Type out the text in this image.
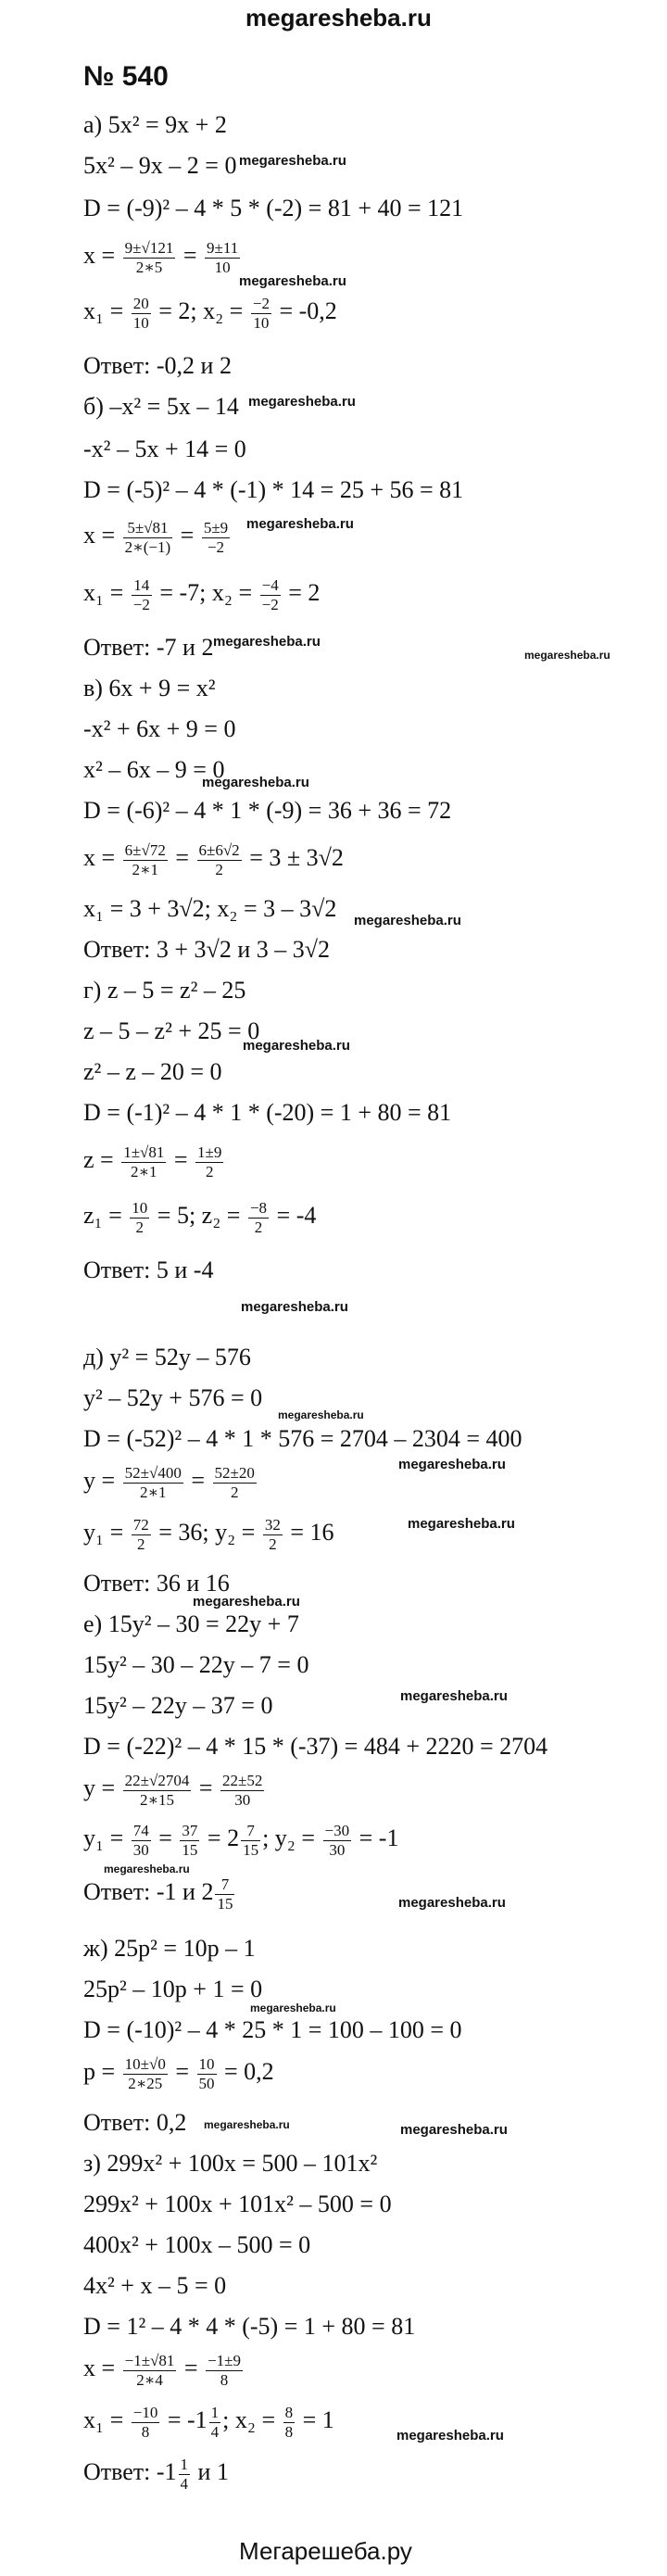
megaresheba.ru
Мегарешеба.ру
№ 540
а) 5x² = 9x + 2
5x² – 9x – 2 = 0
D = (-9)² – 4 * 5 * (-2) = 81 + 40 = 121
$x = \frac{9\pm√121}{2∗5} = \frac{9\pm 11}{10}$
$x_1 = \frac{20}{10} = 2$; $x_2 = \frac{-2}{10} = -0,2$
Ответ: -0,2 и 2
б) –x² = 5x – 14
-x² – 5x + 14 = 0
D = (-5)² – 4 * (-1) * 14 = 25 + 56 = 81
$x = \frac{5\pm√81}{2∗(-1)} = \frac{5\pm 9}{-2}$
$x_1 = \frac{14}{-2} = -7$; $x_2 = \frac{-4}{-2} = 2$
Ответ: -7 и 2
в) 6x + 9 = x²
-x² + 6x + 9 = 0
x² – 6x – 9 = 0
D = (-6)² – 4 * 1 * (-9) = 36 + 36 = 72
$x = \frac{6\pm√72}{2∗1} = \frac{6\pm 6√2}{2} = 3 \pm 3√2$
x₁ = 3 + 3√2; x₂ = 3 – 3√2
Ответ: 3 + 3√2 и 3 – 3√2
г) z – 5 = z² – 25
z – 5 – z² + 25 = 0
z² – z – 20 = 0
D = (-1)² – 4 * 1 * (-20) = 1 + 80 = 81
$z = \frac{1\pm√81}{2∗1} = \frac{1\pm 9}{2}$
$z_1 = \frac{10}{2} = 5$; $z_2 = \frac{-8}{2} = -4$
Ответ: 5 и -4
д) y² = 52y – 576
y² – 52y + 576 = 0
D = (-52)² – 4 * 1 * 576 = 2704 – 2304 = 400
$y = \frac{52\pm√400}{2∗1} = \frac{52\pm 20}{2}$
$y_1 = \frac{72}{2} = 36$; $y_2 = \frac{32}{2} = 16$
Ответ: 36 и 16
е) 15y² – 30 = 22y + 7
15y² – 30 – 22y – 7 = 0
15y² – 22y – 37 = 0
D = (-22)² – 4 * 15 * (-37) = 484 + 2220 = 2704
$y = \frac{22\pm√2704}{2∗15} = \frac{22\pm 52}{30}$
$y_1 = \frac{74}{30} = \frac{37}{15} = 2 \frac{7}{15}$ ; $y_2 = \frac{-30}{30} = -1$
Ответ: -1 и $2 \frac{7}{15}$
ж) 25p² = 10p – 1
25p² – 10p + 1 = 0
D = (-10)² – 4 * 25 * 1 = 100 – 100 = 0
$p = \frac{10\pm√0}{2∗25} = \frac{10}{50} = 0,2$
Ответ: 0,2
з) 299x² + 100x = 500 – 101x²
299x² + 100x + 101x² – 500 = 0
400x² + 100x – 500 = 0
4x² + x – 5 = 0
D = 1² – 4 * 4 * (-5) = 1 + 80 = 81
$x = \frac{-1\pm√81}{2∗4} = \frac{-1\pm 9}{8}$
$x_1 = \frac{-10}{8} = -1 \frac{1}{4}$ ; $x_2 = \frac{8}{8} = 1$
Ответ: $-1 \frac{1}{4}$ и 1
megaresheba.ru
megaresheba.ru
megaresheba.ru
megaresheba.ru
megaresheba.ru
megaresheba.ru
megaresheba.ru
megaresheba.ru
megaresheba.ru
megaresheba.ru
megaresheba.ru
megaresheba.ru
megaresheba.ru
megaresheba.ru
megaresheba.ru
megaresheba.ru
megaresheba.ru
megaresheba.ru
megaresheba.ru	megaresheba.ru
megaresheba.ru
